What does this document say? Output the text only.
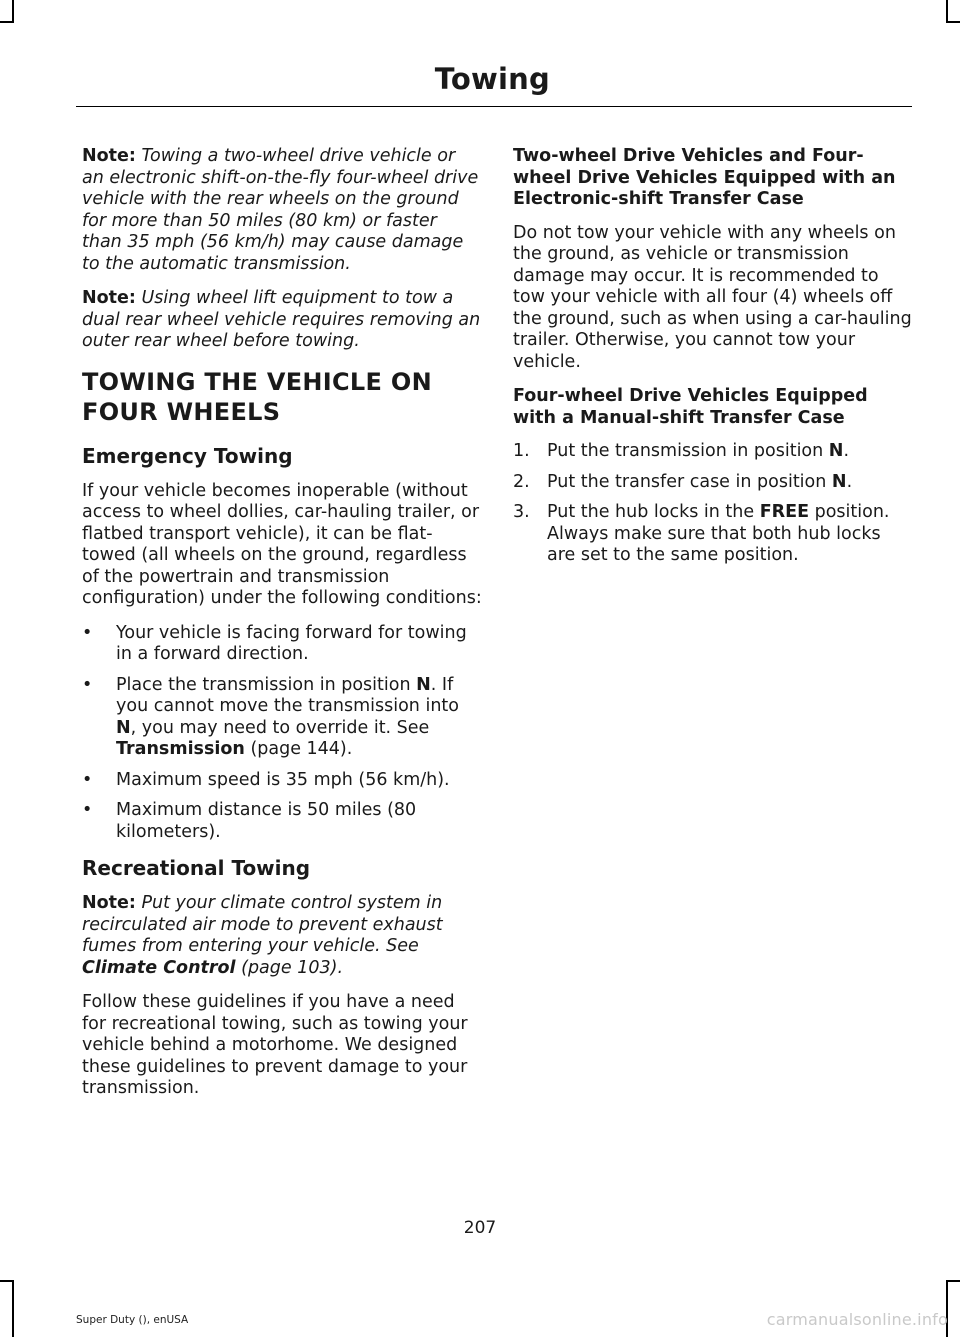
Towing

Note: Towing a two-wheel drive vehicle or an electronic shift-on-the-fly four-wheel drive vehicle with the rear wheels on the ground for more than 50 miles (80 km) or faster than 35 mph (56 km/h) may cause damage to the automatic transmission.

Note: Using wheel lift equipment to tow a dual rear wheel vehicle requires removing an outer rear wheel before towing.

TOWING THE VEHICLE ON
FOUR WHEELS
Emergency Towing

If your vehicle becomes inoperable (without access to wheel dollies, car-hauling trailer, or flatbed transport vehicle), it can be flat-towed (all wheels on the ground, regardless of the powertrain and transmission configuration) under the following conditions:

• Your vehicle is facing forward for towing in a forward direction.
• Place the transmission in position N. If you cannot move the transmission into N, you may need to override it. See Transmission (page 144).
• Maximum speed is 35 mph (56 km/h).
• Maximum distance is 50 miles (80 kilometers).
Recreational Towing

Note: Put your climate control system in recirculated air mode to prevent exhaust fumes from entering your vehicle. See Climate Control (page 103).

Follow these guidelines if you have a need for recreational towing, such as towing your vehicle behind a motorhome. We designed these guidelines to prevent damage to your transmission.

Two-wheel Drive Vehicles and Four-wheel Drive Vehicles Equipped with an Electronic-shift Transfer Case

Do not tow your vehicle with any wheels on the ground, as vehicle or transmission damage may occur. It is recommended to tow your vehicle with all four (4) wheels off the ground, such as when using a car-hauling trailer. Otherwise, you cannot tow your vehicle.

Four-wheel Drive Vehicles Equipped with a Manual-shift Transfer Case
1. Put the transmission in position N.
2. Put the transfer case in position N.
3. Put the hub locks in the FREE position. Always make sure that both hub locks are set to the same position.
207
Super Duty (), enUSA	carmanualsonline.info
